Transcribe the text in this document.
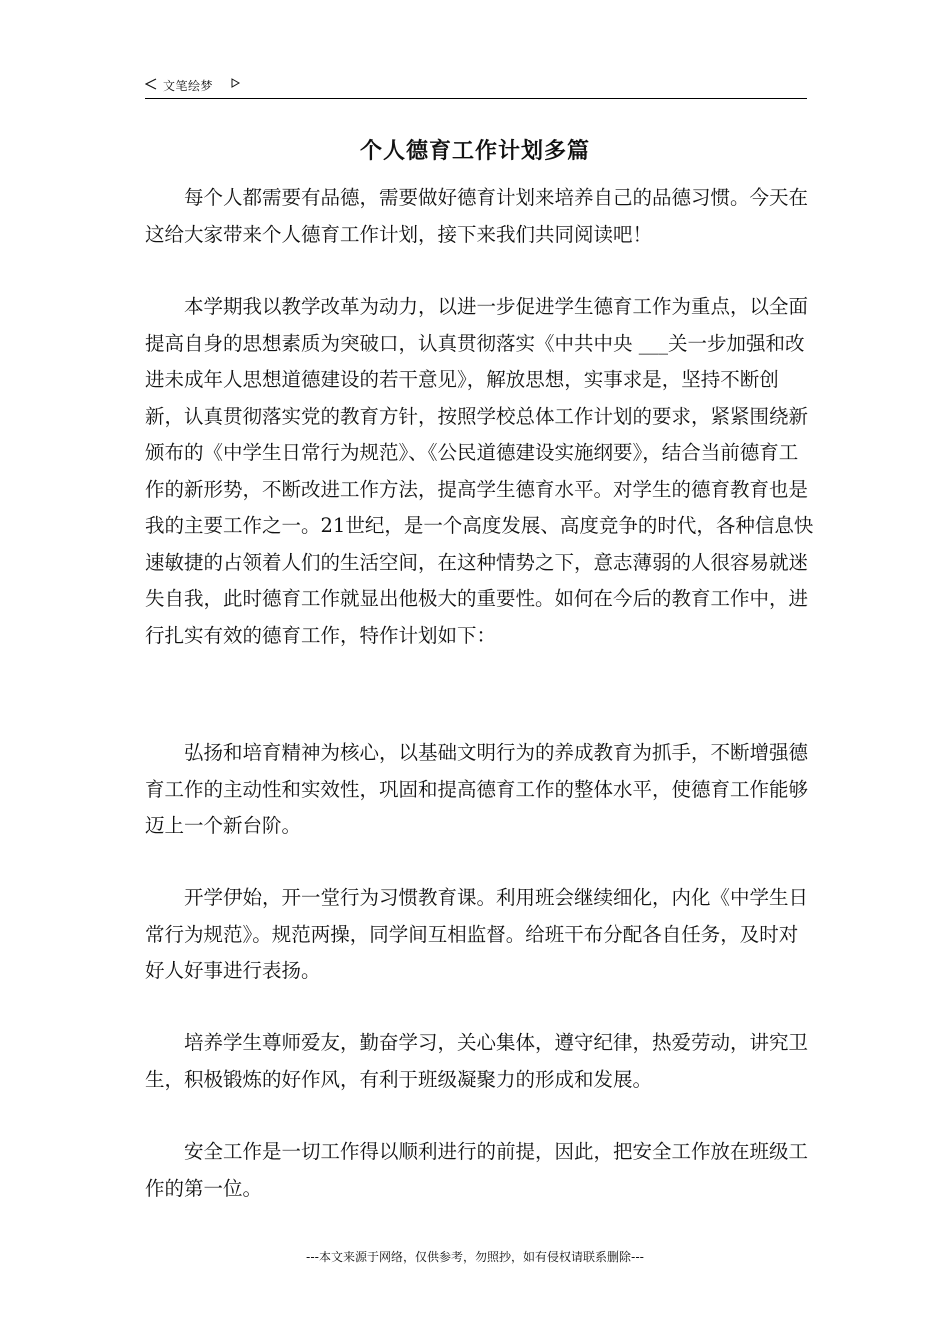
文笔绘梦
个人德育工作计划多篇

每个人都需要有品德，需要做好德育计划来培养自己的品德习惯。今天在这给大家带来个人德育工作计划，接下来我们共同阅读吧！

本学期我以教学改革为动力，以进一步促进学生德育工作为重点，以全面提高自身的思想素质为突破口，认真贯彻落实《中共中央 ___关一步加强和改进未成年人思想道德建设的若干意见》，解放思想，实事求是，坚持不断创新，认真贯彻落实党的教育方针，按照学校总体工作计划的要求，紧紧围绕新颁布的《中学生日常行为规范》、《公民道德建设实施纲要》，结合当前德育工作的新形势，不断改进工作方法，提高学生德育水平。对学生的德育教育也是我的主要工作之一。21世纪，是一个高度发展、高度竞争的时代，各种信息快速敏捷的占领着人们的生活空间，在这种情势之下，意志薄弱的人很容易就迷失自我，此时德育工作就显出他极大的重要性。如何在今后的教育工作中，进行扎实有效的德育工作，特作计划如下：

弘扬和培育精神为核心，以基础文明行为的养成教育为抓手，不断增强德育工作的主动性和实效性，巩固和提高德育工作的整体水平，使德育工作能够迈上一个新台阶。

开学伊始，开一堂行为习惯教育课。利用班会继续细化，内化《中学生日常行为规范》。规范两操，同学间互相监督。给班干布分配各自任务，及时对好人好事进行表扬。

培养学生尊师爱友，勤奋学习，关心集体，遵守纪律，热爱劳动，讲究卫生，积极锻炼的好作风，有利于班级凝聚力的形成和发展。

安全工作是一切工作得以顺利进行的前提，因此，把安全工作放在班级工作的第一位。

---本文来源于网络，仅供参考，勿照抄，如有侵权请联系删除---
